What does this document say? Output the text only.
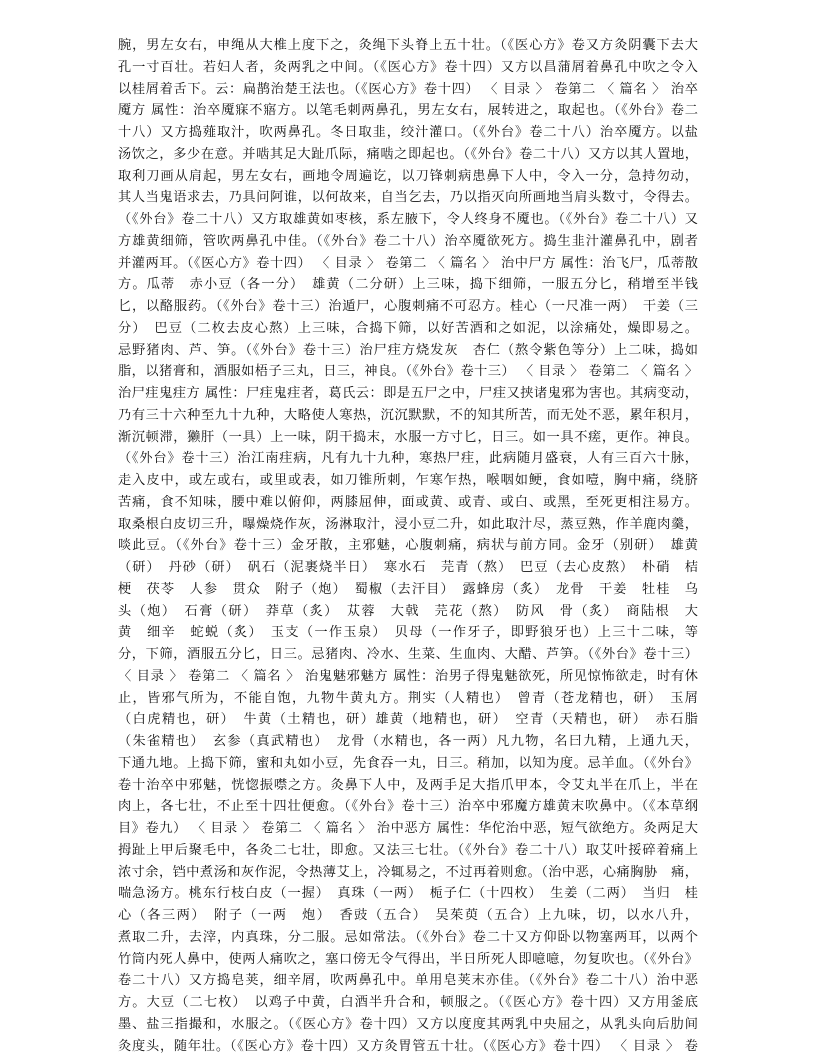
腕，男左女右，申绳从大椎上度下之，灸绳下头脊上五十壮。（《医心方》卷又方灸阴囊下去大
孔一寸百壮。若妇人者，灸两乳之中间。（《医心方》卷十四）又方以昌蒲屑着鼻孔中吹之令入
以桂屑着舌下。云：扁鹊治楚王法也。（《医心方》卷十四） 〈 目录 〉 卷第二 〈 篇名 〉 治卒
魇方 属性：治卒魇寐不寤方。以笔毛刺两鼻孔，男左女右，展转进之，取起也。（《外台》卷二
十八）又方捣薤取汁，吹两鼻孔。冬日取韭，绞汁灌口。（《外台》卷二十八）治卒魇方。以盐
汤饮之，多少在意。并啮其足大趾爪际，痛啮之即起也。（《外台》卷二十八）又方以其人置地，
取利刀画从肩起，男左女右，画地令周遍讫，以刀锋刺病患鼻下人中，令入一分，急持勿动，
其人当鬼语求去，乃具问阿谁，以何故来，自当乞去，乃以指灭向所画地当肩头数寸，令得去。
（《外台》卷二十八）又方取雄黄如枣核，系左腋下，令人终身不魇也。（《外台》卷二十八）又
方雄黄细筛，管吹两鼻孔中佳。（《外台》卷二十八）治卒魇欲死方。捣生韭汁灌鼻孔中，剧者
并灌两耳。（《医心方》卷十四） 〈 目录 〉 卷第二 〈 篇名 〉 治中尸方 属性：治飞尸，瓜蒂散
方。瓜蒂　赤小豆（各一分）　雄黄（二分研）上三味，捣下细筛，一服五分匕，稍增至半钱
匕，以酪服药。（《外台》卷十三）治遁尸，心腹刺痛不可忍方。桂心（一尺准一两）　干姜（三
分）　巴豆（二枚去皮心熬）上三味，合捣下筛，以好苦酒和之如泥，以涂痛处，燥即易之。
忌野猪肉、芦、笋。（《外台》卷十三）治尸疰方烧发灰　杏仁（熬令紫色等分）上二味，捣如
脂，以猪膏和，酒服如梧子三丸，日三，神良。（《外台》卷十三） 〈 目录 〉 卷第二 〈 篇名 〉
治尸疰鬼疰方 属性：尸疰鬼疰者，葛氏云：即是五尸之中，尸疰又挟诸鬼邪为害也。其病变动，
乃有三十六种至九十九种，大略使人寒热，沉沉默默，不的知其所苦，而无处不恶，累年积月，
渐沉顿滞，獭肝（一具）上一味，阴干捣末，水服一方寸匕，日三。如一具不瘥，更作。神良。
（《外台》卷十三）治江南疰病，凡有九十九种，寒热尸疰，此病随月盛衰，人有三百六十脉，
走入皮中，或左或右，或里或表，如刀锥所刺，乍寒乍热，喉咽如鲠，食如噎，胸中痛，绕脐
苦痛，食不知味，腰中难以俯仰，两膝屈伸，面或黄、或青、或白、或黑，至死更相注易方。
取桑根白皮切三升，曝燥烧作灰，汤淋取汁，浸小豆二升，如此取汁尽，蒸豆熟，作羊鹿肉羹，
啖此豆。（《外台》卷十三）金牙散，主邪魅，心腹刺痛，病状与前方同。金牙（别研）　雄黄
（研）　丹砂（研）　矾石（泥裹烧半日）　寒水石　芫青（熬）　巴豆（去心皮熬）　朴硝　桔
梗　茯苓　人参　贯众　附子（炮）　蜀椒（去汗目）　露蜂房（炙）　龙骨　干姜　牡桂　乌
头（炮）　石膏（研）　莽草（炙）　苁蓉　大戟　芫花（熬）　防风　骨（炙）　商陆根　大
黄　细辛　蛇蜕（炙）　玉支（一作玉泉）　贝母（一作牙子，即野狼牙也）上三十二味，等
分，下筛，酒服五分匕，日三。忌猪肉、冷水、生菜、生血肉、大醋、芦笋。（《外台》卷十三）
〈 目录 〉 卷第二 〈 篇名 〉 治鬼魅邪魅方 属性：治男子得鬼魅欲死，所见惊怖欲走，时有休
止，皆邪气所为，不能自饱，九物牛黄丸方。荆实（人精也）　曾青（苍龙精也，研）　玉屑
（白虎精也，研）　牛黄（土精也，研）雄黄（地精也，研）　空青（天精也，研）　赤石脂
（朱雀精也）　玄参（真武精也）　龙骨（水精也，各一两）凡九物，名曰九精，上通九天，
下通九地。上捣下筛，蜜和丸如小豆，先食吞一丸，日三。稍加，以知为度。忌羊血。（《外台》
卷十治卒中邪魅，恍惚振噤之方。灸鼻下人中，及两手足大指爪甲本，令艾丸半在爪上，半在
肉上，各七壮，不止至十四壮便愈。（《外台》卷十三）治卒中邪魔方雄黄末吹鼻中。（《本草纲
目》卷九） 〈 目录 〉 卷第二 〈 篇名 〉 治中恶方 属性：华佗治中恶，短气欲绝方。灸两足大
拇趾上甲后聚毛中，各灸二七壮，即愈。又法三七壮。（《外台》卷二十八）取艾叶挼碎着痛上
浓寸余，铛中煮汤和灰作泥，令热薄艾上，冷辄易之，不过再着则愈。（治中恶，心痛胸胁　痛，
喘急汤方。桃东行枝白皮（一握）　真珠（一两）　栀子仁（十四枚）　生姜（二两）　当归　桂
心（各三两）　附子（一两　炮）　香豉（五合）　吴茱萸（五合）上九味，切，以水八升，
煮取二升，去滓，内真珠，分二服。忌如常法。（《外台》卷二十又方仰卧以物塞两耳，以两个
竹筒内死人鼻中，使两人痛吹之，塞口傍无令气得出，半日所死人即噫噫，勿复吹也。（《外台》
卷二十八）又方捣皂荚，细辛屑，吹两鼻孔中。单用皂荚末亦佳。（《外台》卷二十八）治中恶
方。大豆（二七枚）　以鸡子中黄，白酒半升合和，顿服之。（《医心方》卷十四）又方用釜底
墨、盐三指撮和，水服之。（《医心方》卷十四）又方以度度其两乳中央屈之，从乳头向后肋间
灸度头，随年壮。（《医心方》卷十四）又方灸胃管五十壮。（《医心方》卷十四） 〈 目录 〉 卷
